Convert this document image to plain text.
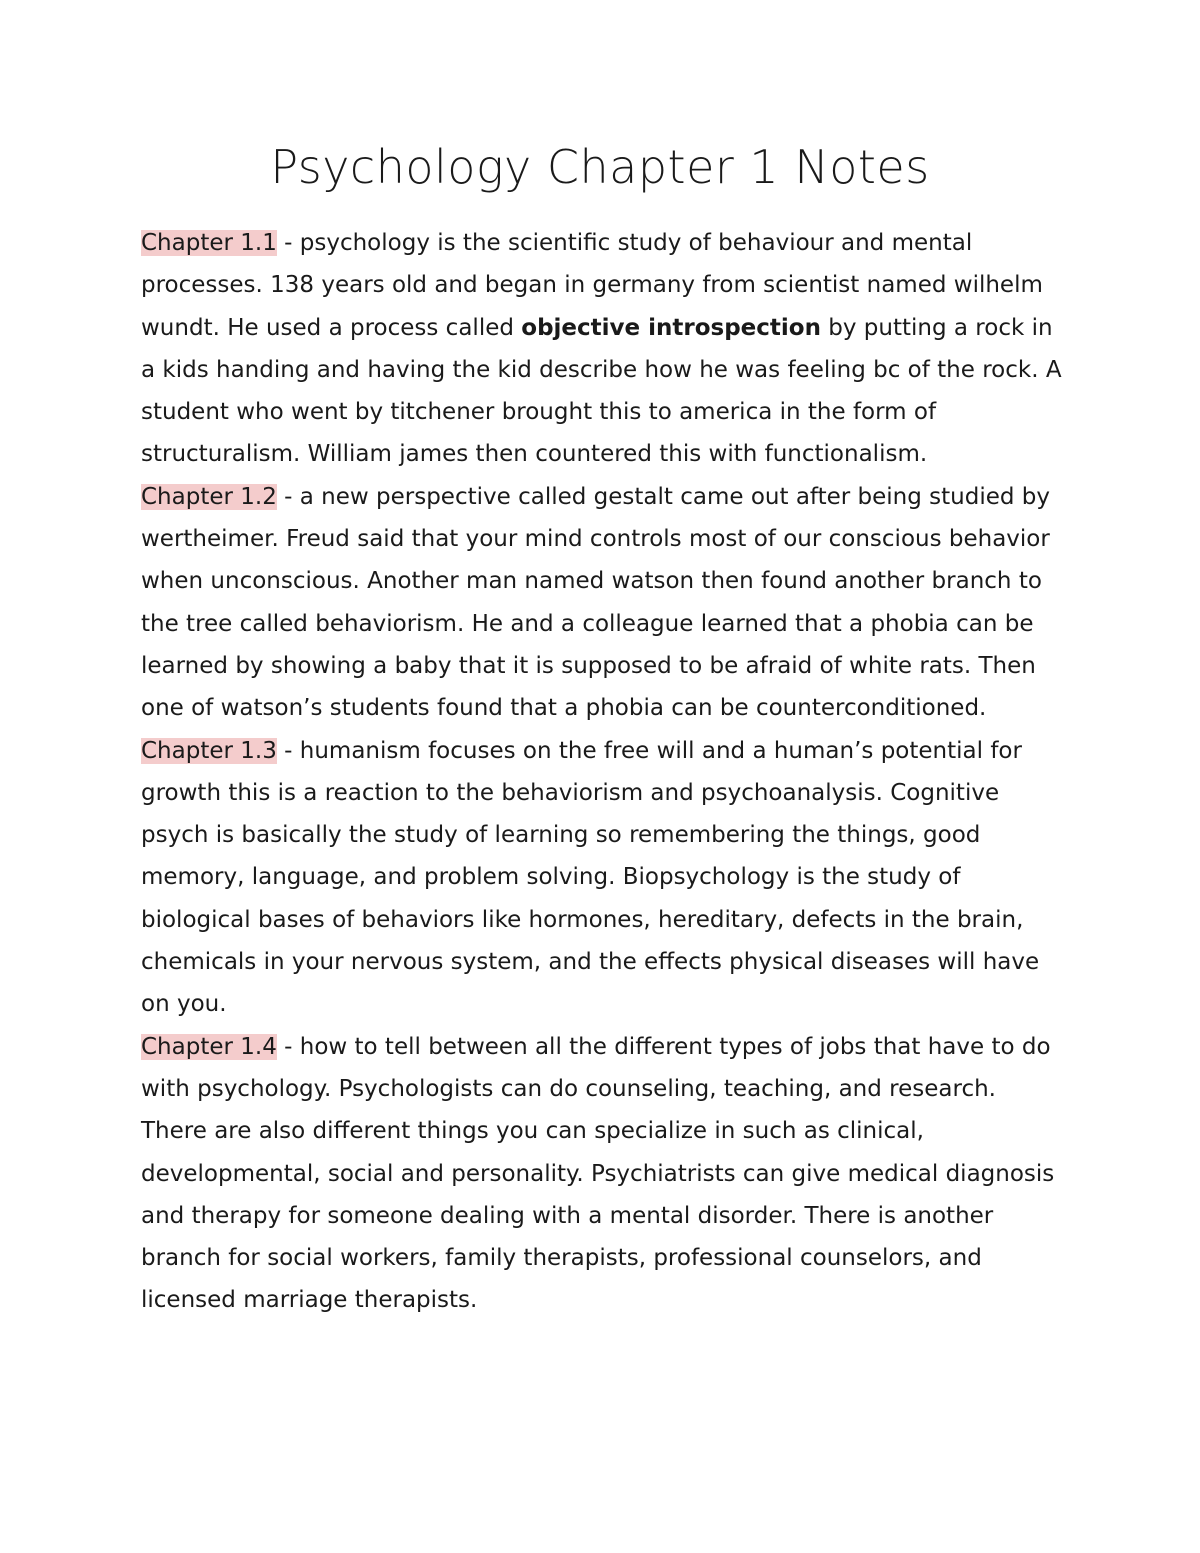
Psychology Chapter 1 Notes

Chapter 1.1 - psychology is the scientific study of behaviour and mental processes. 138 years old and began in germany from scientist named wilhelm wundt. He used a process called objective introspection by putting a rock in a kids handing and having the kid describe how he was feeling bc of the rock. A student who went by titchener brought this to america in the form of structuralism. William james then countered this with functionalism.

Chapter 1.2 - a new perspective called gestalt came out after being studied by wertheimer. Freud said that your mind controls most of our conscious behavior when unconscious. Another man named watson then found another branch to the tree called behaviorism. He and a colleague learned that a phobia can be learned by showing a baby that it is supposed to be afraid of white rats. Then one of watson’s students found that a phobia can be counterconditioned.

Chapter 1.3 - humanism focuses on the free will and a human’s potential for growth this is a reaction to the behaviorism and psychoanalysis. Cognitive psych is basically the study of learning so remembering the things, good memory, language, and problem solving. Biopsychology is the study of biological bases of behaviors like hormones, hereditary, defects in the brain, chemicals in your nervous system, and the effects physical diseases will have on you.

Chapter 1.4 - how to tell between all the different types of jobs that have to do with psychology. Psychologists can do counseling, teaching, and research. There are also different things you can specialize in such as clinical, developmental, social and personality. Psychiatrists can give medical diagnosis and therapy for someone dealing with a mental disorder. There is another branch for social workers, family therapists, professional counselors, and licensed marriage therapists.
